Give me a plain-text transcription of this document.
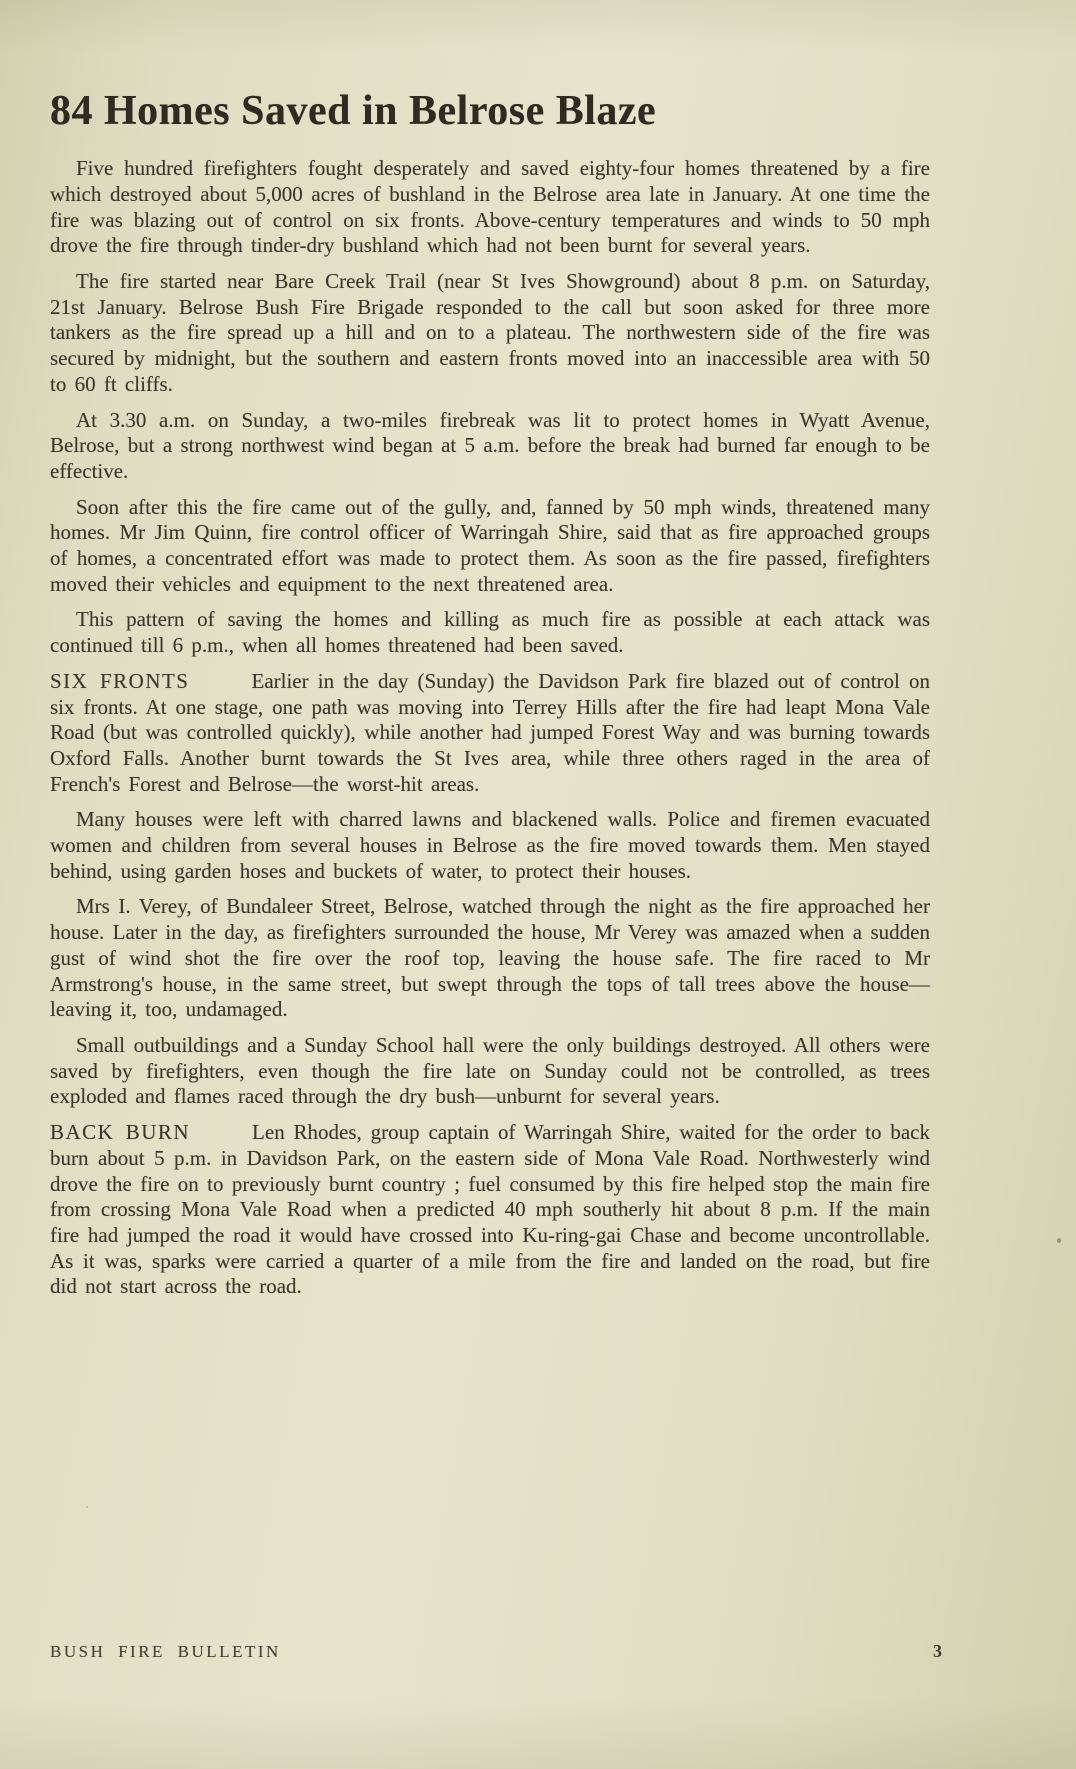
84 Homes Saved in Belrose Blaze

Five hundred firefighters fought desperately and saved eighty-four homes threatened by a fire which destroyed about 5,000 acres of bushland in the Belrose area late in January. At one time the fire was blazing out of control on six fronts. Above-century temperatures and winds to 50 mph drove the fire through tinder-dry bushland which had not been burnt for several years.

The fire started near Bare Creek Trail (near St Ives Showground) about 8 p.m. on Saturday, 21st January. Belrose Bush Fire Brigade responded to the call but soon asked for three more tankers as the fire spread up a hill and on to a plateau. The northwestern side of the fire was secured by midnight, but the southern and eastern fronts moved into an inaccessible area with 50 to 60 ft cliffs.

At 3.30 a.m. on Sunday, a two-miles firebreak was lit to protect homes in Wyatt Avenue, Belrose, but a strong northwest wind began at 5 a.m. before the break had burned far enough to be effective.

Soon after this the fire came out of the gully, and, fanned by 50 mph winds, threatened many homes. Mr Jim Quinn, fire control officer of Warringah Shire, said that as fire approached groups of homes, a concentrated effort was made to protect them. As soon as the fire passed, firefighters moved their vehicles and equipment to the next threatened area.

This pattern of saving the homes and killing as much fire as possible at each attack was continued till 6 p.m., when all homes threatened had been saved.

SIX FRONTS	Earlier in the day (Sunday) the Davidson Park fire blazed out of control on six fronts. At one stage, one path was moving into Terrey Hills after the fire had leapt Mona Vale Road (but was controlled quickly), while another had jumped Forest Way and was burning towards Oxford Falls. Another burnt towards the St Ives area, while three others raged in the area of French's Forest and Belrose—the worst-hit areas.

Many houses were left with charred lawns and blackened walls. Police and firemen evacuated women and children from several houses in Belrose as the fire moved towards them. Men stayed behind, using garden hoses and buckets of water, to protect their houses.

Mrs I. Verey, of Bundaleer Street, Belrose, watched through the night as the fire approached her house. Later in the day, as firefighters surrounded the house, Mr Verey was amazed when a sudden gust of wind shot the fire over the roof top, leaving the house safe. The fire raced to Mr Armstrong's house, in the same street, but swept through the tops of tall trees above the house—leaving it, too, undamaged.

Small outbuildings and a Sunday School hall were the only buildings destroyed. All others were saved by firefighters, even though the fire late on Sunday could not be controlled, as trees exploded and flames raced through the dry bush—unburnt for several years.

BACK BURN	Len Rhodes, group captain of Warringah Shire, waited for the order to back burn about 5 p.m. in Davidson Park, on the eastern side of Mona Vale Road. Northwesterly wind drove the fire on to previously burnt country ; fuel consumed by this fire helped stop the main fire from crossing Mona Vale Road when a predicted 40 mph southerly hit about 8 p.m. If the main fire had jumped the road it would have crossed into Ku-ring-gai Chase and become uncontrollable. As it was, sparks were carried a quarter of a mile from the fire and landed on the road, but fire did not start across the road.

BUSH FIRE BULLETIN	3
